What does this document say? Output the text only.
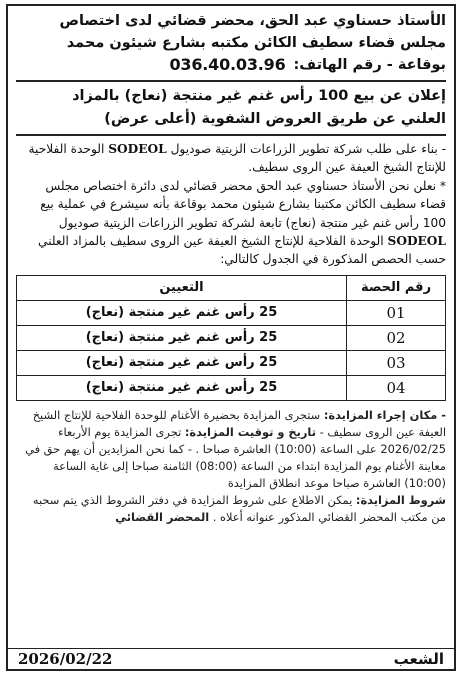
الأستاذ حسناوي عبد الحق، محضر قضائي لدى اختصاص

مجلس قضاء سطيف الكائن مكتبه بشارع شيئون محمد

بوقاعة - رقم الهاتف:
036.40.03.96

إعلان عن بيع 100 رأس غنم غير منتجة (نعاج) بالمزاد
العلني عن طريق العروض الشفوية (أعلى عرض)

- بناء على طلب شركة تطوير الزراعات الزيتية صوديول SODEOL الوحدة الفلاحية للإنتاج الشيخ العيفة عين الروى سطيف.

* نعلن نحن الأستاذ حسناوي عبد الحق محضر قضائي لدى دائرة اختصاص مجلس قضاء سطيف الكائن مكتبنا بشارع شيئون محمد بوقاعة بأنه سيشرع في عملية بيع 100 رأس غنم غير منتجة (نعاج) تابعة لشركة تطوير الزراعات الزيتية صوديول SODEOL الوحدة الفلاحية للإنتاج الشيخ العيفة عين الروى سطيف بالمزاد العلني حسب الحصص المذكورة في الجدول كالتالي:

رقم الحصة	التعيين
01	25 رأس غنم غير منتجة (نعاج)
02	25 رأس غنم غير منتجة (نعاج)
03	25 رأس غنم غير منتجة (نعاج)
04	25 رأس غنم غير منتجة (نعاج)

- مكان إجراء المزايدة: ستجرى المزايدة بحضيرة الأغنام للوحدة الفلاحية للإنتاج الشيخ العيفة عين الروى سطيف - تاريخ و توقيت المزايدة: تجرى المزايدة يوم الأربعاء 2026/02/25 على الساعة (10:00) العاشرة صباحا . - كما نحن المزايدين أن يهم حق في معاينة الأغنام يوم المزايدة ابتداء من الساعة (08:00) الثامنة صباحا إلى غاية الساعة (10:00) العاشرة صباحا موعد انطلاق المزايدة

شروط المزايدة: يمكن الاطلاع على شروط المزايدة في دفتر الشروط الذي يتم سحبه من مكتب المحضر القضائي المذكور عنوانه أعلاه . المحضر القضائي

الشعب
2026/02/22
